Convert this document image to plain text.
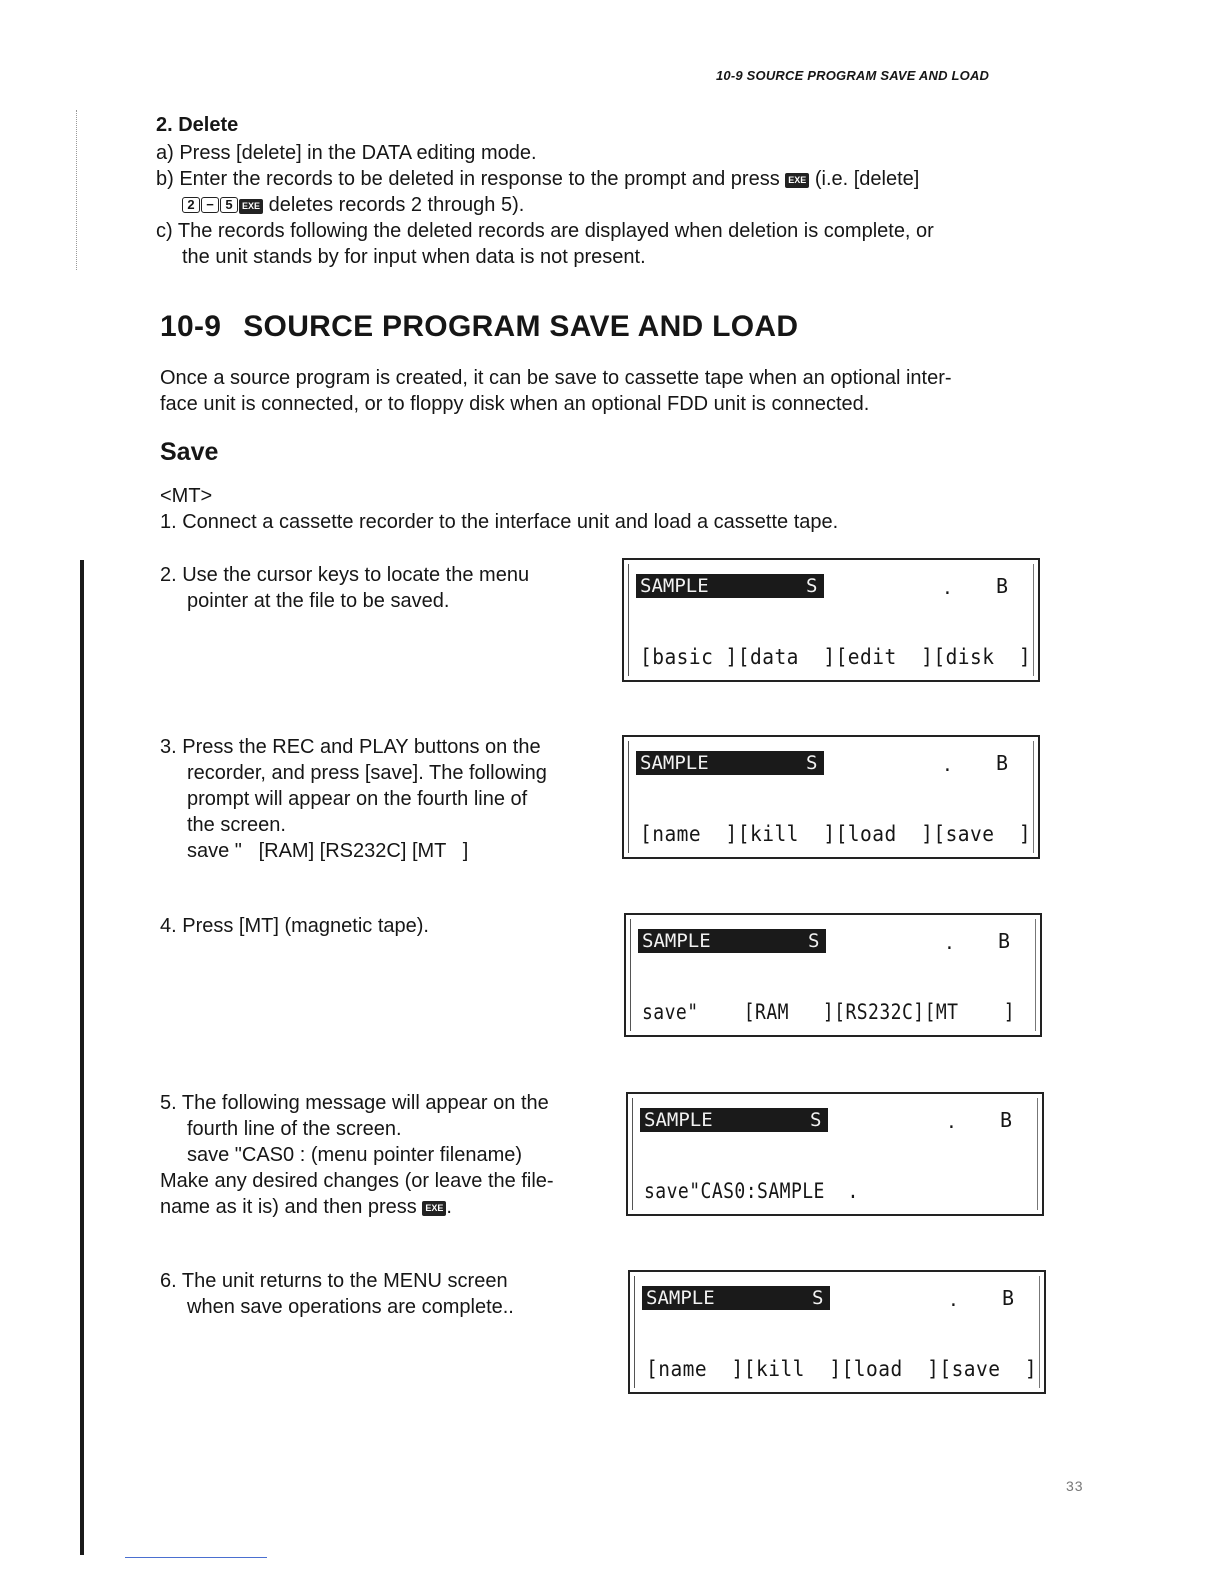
10-9 SOURCE PROGRAM SAVE AND LOAD
2. Delete
a) Press [delete] in the DATA editing mode.
b) Enter the records to be deleted in response to the prompt and press EXE (i.e. [delete]
2 − 5 EXE deletes records 2 through 5).
c) The records following the deleted records are displayed when deletion is complete, or
the unit stands by for input when data is not present.
10-9 SOURCE PROGRAM SAVE AND LOAD
Once a source program is created, it can be save to cassette tape when an optional inter-
face unit is connected, or to floppy disk when an optional FDD unit is connected.
Save
<MT>
1. Connect a cassette recorder to the interface unit and load a cassette tape.
2. Use the cursor keys to locate the menu
pointer at the file to be saved.
3. Press the REC and PLAY buttons on the
recorder, and press [save]. The following
prompt will appear on the fourth line of
the screen.
save "   [RAM] [RS232C] [MT   ]
4. Press [MT] (magnetic tape).
5. The following message will appear on the
fourth line of the screen.
save "CAS0 : (menu pointer filename)
Make any desired changes (or leave the file-
name as it is) and then press EXE .
6. The unit returns to the MENU screen
when save operations are complete..
SAMPLE	S	. B
[basic ][data  ][edit  ][disk  ]
SAMPLE	S	. B
[name  ][kill  ][load  ][save  ]
SAMPLE	S	. B
save"    [RAM   ][RS232C][MT    ]
SAMPLE	S	. B
save"CAS0:SAMPLE  .
SAMPLE	S	. B
[name  ][kill  ][load  ][save  ]
33
